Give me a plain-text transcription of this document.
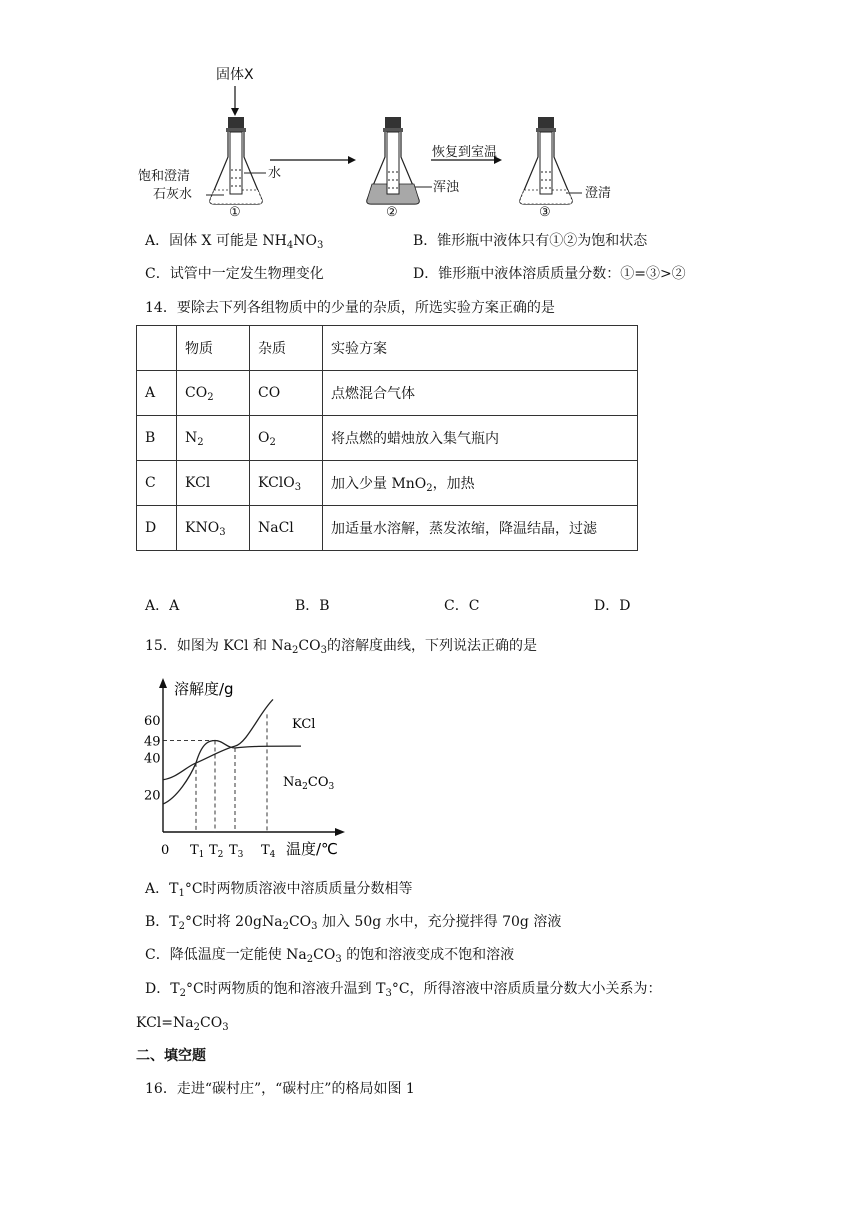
固体X
水
饱和澄清
石灰水	浑浊
恢复到室温
澄清
①	②	③
A．固体 X 可能是 $NH_4NO_3$	B．锥形瓶中液体只有①②为饱和状态
C．试管中一定发生物理变化	D．锥形瓶中液体溶质质量分数：①=③>②
14．要除去下列各组物质中的少量的杂质，所选实验方案正确的是
	物质	杂质	实验方案
A	$CO_2$	CO	点燃混合气体
B	$N_2$	$O_2$	将点燃的蜡烛放入集气瓶内
C	KCl	KClO$_3$	加入少量 MnO$_2$，加热
D	$KNO_3$	NaCl	加适量水溶解，蒸发浓缩，降温结晶，过滤
A．A	B．B	C．C	D．D
15．如图为 KCl 和 $Na_2CO_3$的溶解度曲线，下列说法正确的是
20
40
49
60
0 $T_1$ $T_2$ $T_3$ $T_4$
溶解度/g
温度/℃
KCl
$Na_2CO_3$
A．$T_1^\circ C$时两物质溶液中溶质质量分数相等
B．$T_2^\circ C$时将 $20gNa_2CO_3$ 加入 50g 水中，充分搅拌得 70g 溶液
C．降低温度一定能使 $Na_2CO_3$ 的饱和溶液变成不饱和溶液
D．$T_2^\circ C$时两物质的饱和溶液升温到 $T_3^\circ C$，所得溶液中溶质质量分数大小关系为：
$KCl=Na_2CO_3$
二、填空题
16．走进“碳村庄”，“碳村庄”的格局如图 1
